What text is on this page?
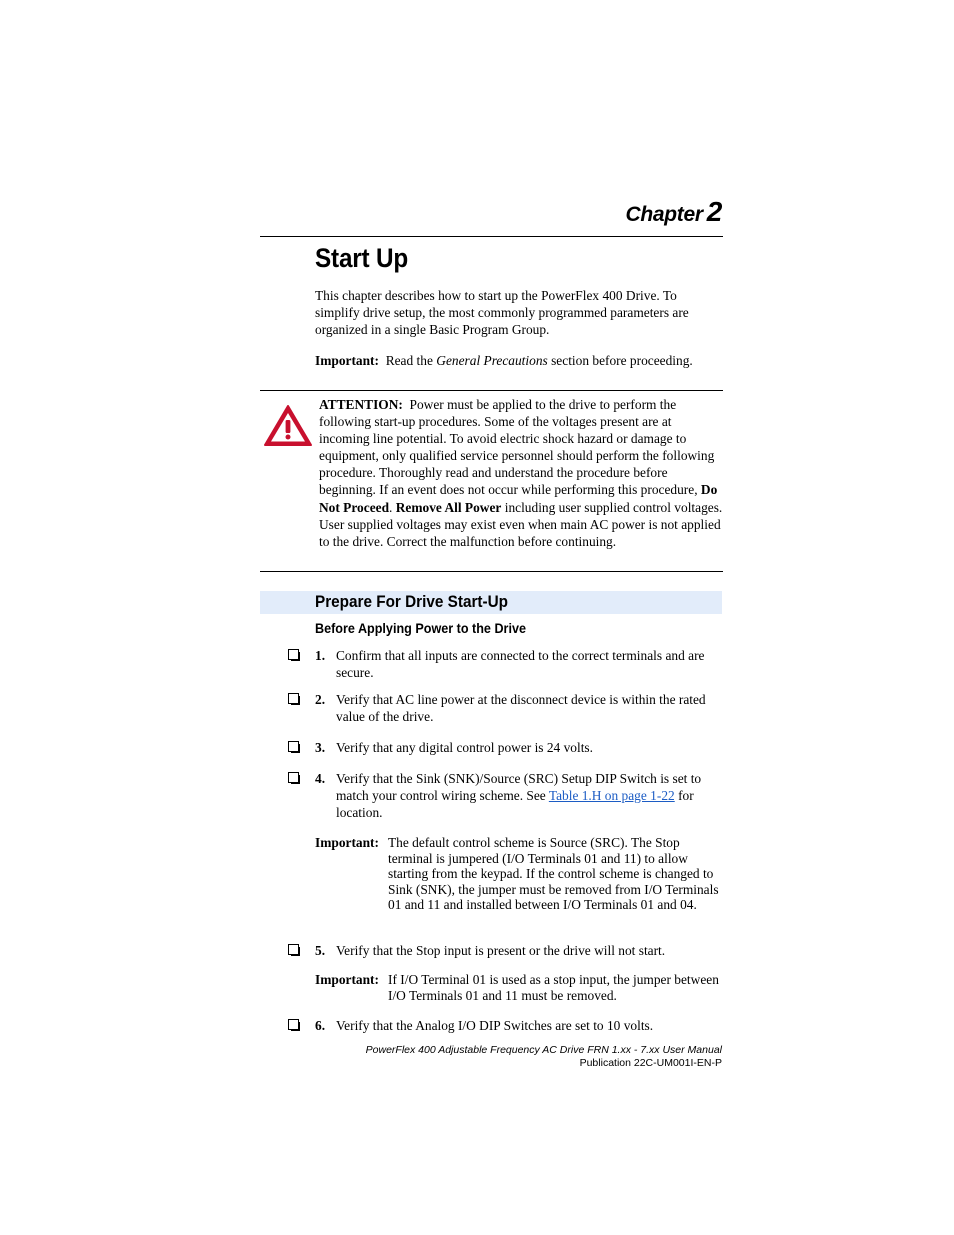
Chapter 2
Start Up

This chapter describes how to start up the PowerFlex 400 Drive. To simplify drive setup, the most commonly programmed parameters are organized in a single Basic Program Group.

Important: Read the General Precautions section before proceeding.

ATTENTION: Power must be applied to the drive to perform the following start-up procedures. Some of the voltages present are at incoming line potential. To avoid electric shock hazard or damage to equipment, only qualified service personnel should perform the following procedure. Thoroughly read and understand the procedure before beginning. If an event does not occur while performing this procedure, Do Not Proceed. Remove All Power including user supplied control voltages. User supplied voltages may exist even when main AC power is not applied to the drive. Correct the malfunction before continuing.

Prepare For Drive Start-Up
Before Applying Power to the Drive
1. Confirm that all inputs are connected to the correct terminals and are secure.
2. Verify that AC line power at the disconnect device is within the rated value of the drive.
3. Verify that any digital control power is 24 volts.
4. Verify that the Sink (SNK)/Source (SRC) Setup DIP Switch is set to match your control wiring scheme. See Table 1.H on page 1-22 for location.
Important: The default control scheme is Source (SRC). The Stop terminal is jumpered (I/O Terminals 01 and 11) to allow starting from the keypad. If the control scheme is changed to Sink (SNK), the jumper must be removed from I/O Terminals 01 and 11 and installed between I/O Terminals 01 and 04.
5. Verify that the Stop input is present or the drive will not start.
Important: If I/O Terminal 01 is used as a stop input, the jumper between I/O Terminals 01 and 11 must be removed.
6. Verify that the Analog I/O DIP Switches are set to 10 volts.
PowerFlex 400 Adjustable Frequency AC Drive FRN 1.xx - 7.xx User Manual
Publication 22C-UM001I-EN-P
